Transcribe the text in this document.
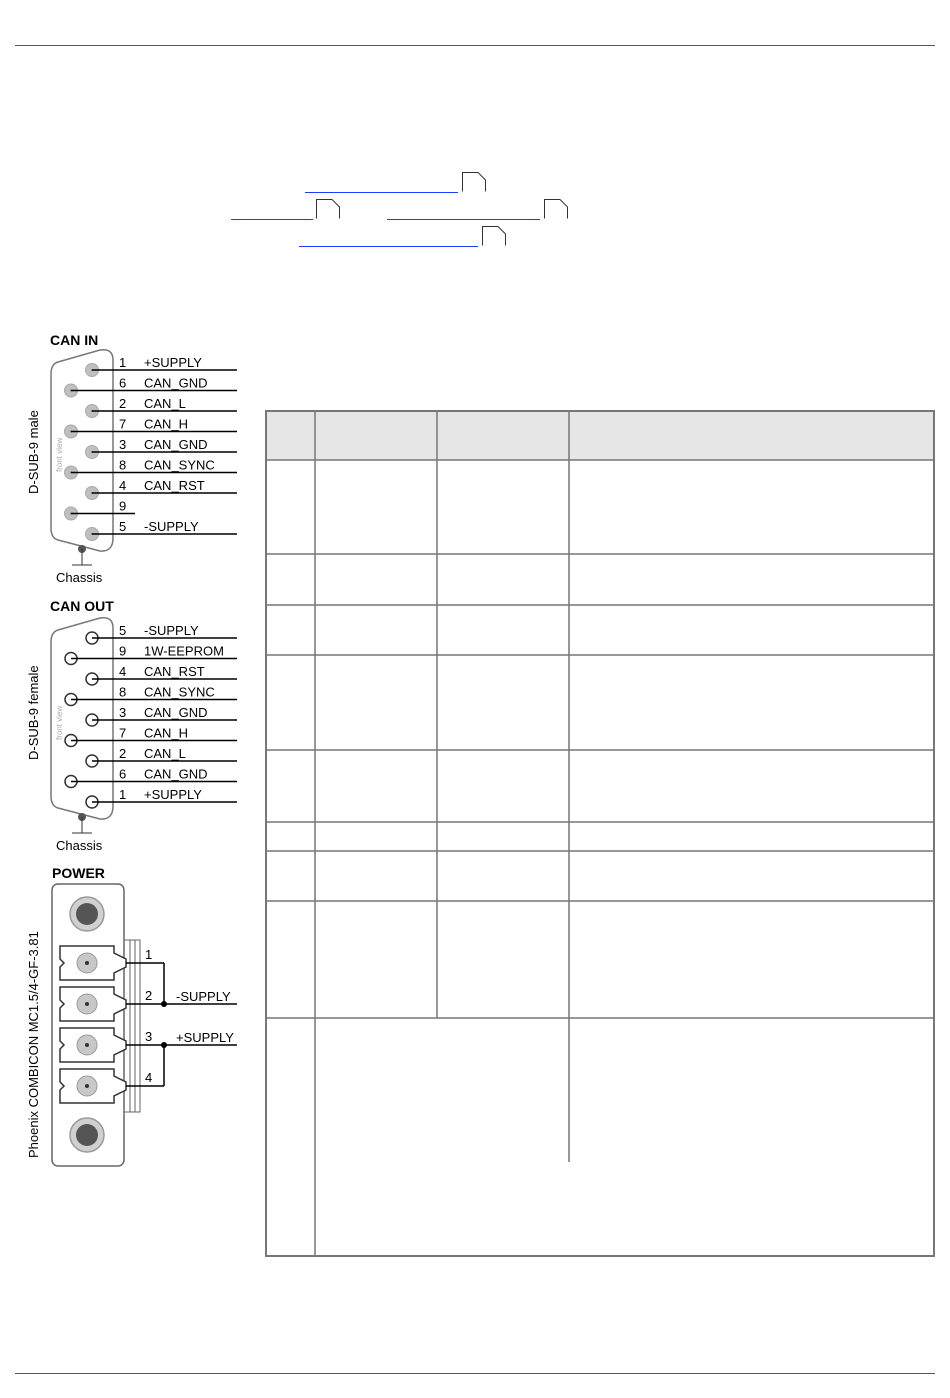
CAN IN
D-SUB-9 male front view
1 +SUPPLY
6 CAN_GND
2 CAN_L
7 CAN_H
3 CAN_GND
8 CAN_SYNC
4 CAN_RST
9
5 -SUPPLY
Chassis
CAN OUT
D-SUB-9 female front view
5 -SUPPLY
9 1W-EEPROM
4 CAN_RST
8 CAN_SYNC
3 CAN_GND
7 CAN_H
2 CAN_L
6 CAN_GND
1 +SUPPLY
Chassis
POWER
Phoenix COMBICON MC1.5/4-GF-3.81	1
2
3
4
-SUPPLY
+SUPPLY
